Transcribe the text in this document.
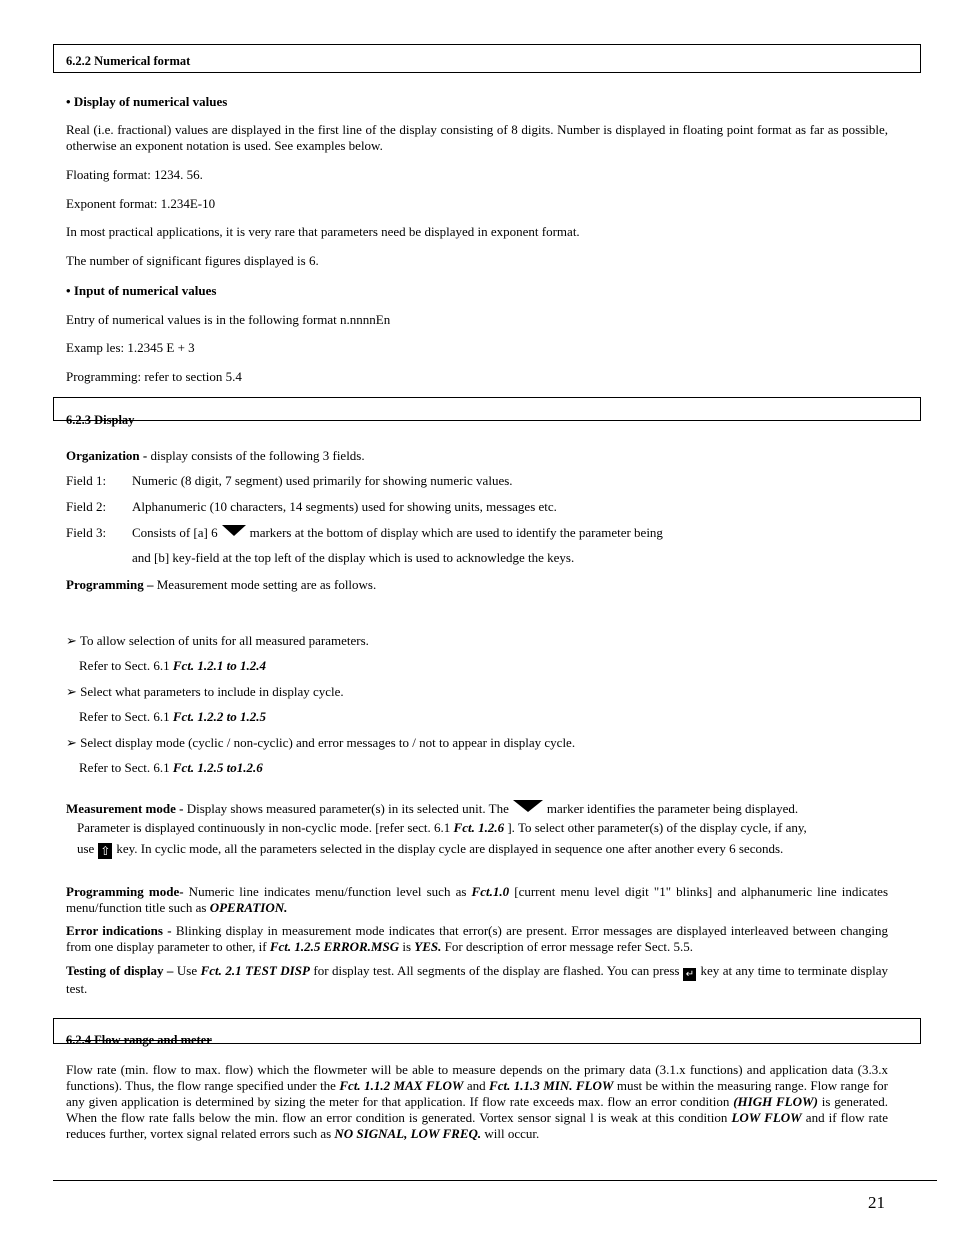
6.2.2 Numerical format
• Display of numerical values
Real (i.e. fractional) values are displayed in the first line of the display consisting of 8 digits. Number is displayed in floating point format as far as possible, otherwise an exponent notation is used. See examples below.
Floating format: 1234. 56.
Exponent format: 1.234E-10
In most practical applications, it is very rare that parameters need be displayed in exponent format.
The number of significant figures displayed is 6.
• Input of numerical values
Entry of numerical values is in the following format n.nnnnEn
Examp les: 1.2345 E + 3
Programming: refer to section 5.4
6.2.3 Display
Organization - display consists of the following 3 fields.
Field 1: Numeric (8 digit, 7 segment) used primarily for showing numeric values.
Field 2: Alphanumeric (10 characters, 14 segments) used for showing units, messages etc.
Field 3: Consists of [a] 6 markers at the bottom of display which are used to identify the parameter being
and [b] key-field at the top left of the display which is used to acknowledge the keys.
Programming – Measurement mode setting are as follows.
➢ To allow selection of units for all measured parameters.
Refer to Sect. 6.1 Fct. 1.2.1 to 1.2.4
➢ Select what parameters to include in display cycle.
Refer to Sect. 6.1 Fct. 1.2.2 to 1.2.5
➢ Select display mode (cyclic / non-cyclic) and error messages to / not to appear in display cycle.
Refer to Sect. 6.1 Fct. 1.2.5 to1.2.6
Measurement mode - Display shows measured parameter(s) in its selected unit. The	marker identifies the parameter being displayed.
Parameter is displayed continuously in non-cyclic mode. [refer sect. 6.1 Fct. 1.2.6 ]. To select other parameter(s) of the display cycle, if any,
use ⇧ key. In cyclic mode, all the parameters selected in the display cycle are displayed in sequence one after another every 6 seconds.
Programming mode- Numeric line indicates menu/function level such as Fct.1.0 [current menu level digit "1" blinks] and alphanumeric line indicates menu/function title such as OPERATION.
Error indications - Blinking display in measurement mode indicates that error(s) are present. Error messages are displayed interleaved between changing from one display parameter to other, if Fct. 1.2.5 ERROR.MSG is YES. For description of error message refer Sect. 5.5.
Testing of display – Use Fct. 2.1 TEST DISP for display test. All segments of the display are flashed. You can press ↵ key at any time to terminate display test.
6.2.4 Flow range and meter
Flow rate (min. flow to max. flow) which the flowmeter will be able to measure depends on the primary data (3.1.x functions) and application data (3.3.x functions). Thus, the flow range specified under the Fct. 1.1.2 MAX FLOW and Fct. 1.1.3 MIN. FLOW must be within the measuring range. Flow range for any given application is determined by sizing the meter for that application. If flow rate exceeds max. flow an error condition (HIGH FLOW) is generated. When the flow rate falls below the min. flow an error condition is generated. Vortex sensor signal l is weak at this condition LOW FLOW and if flow rate reduces further, vortex signal related errors such as NO SIGNAL, LOW FREQ. will occur.
21
